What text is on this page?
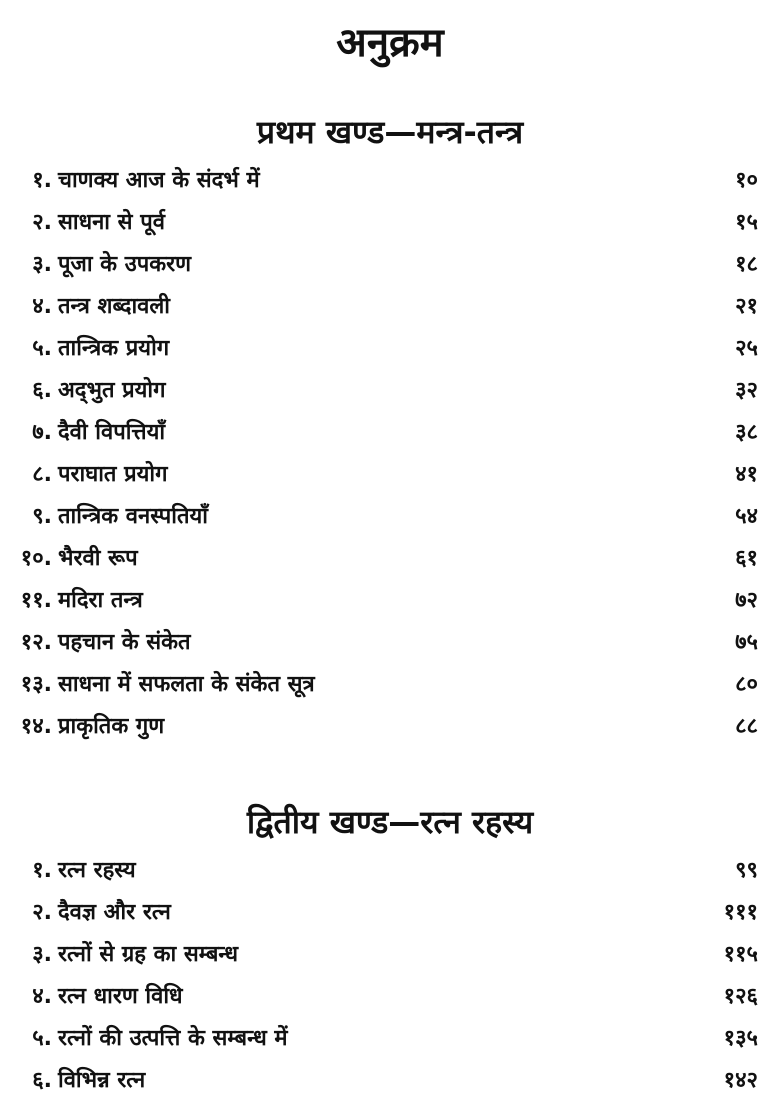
अनुक्रम
प्रथम खण्ड—मन्त्र-तन्त्र
१. चाणक्य आज के संदर्भ में	१०
२. साधना से पूर्व	१५
३. पूजा के उपकरण	१८
४. तन्त्र शब्दावली	२१
५. तान्त्रिक प्रयोग	२५
६. अद्‌भुत प्रयोग	३२
७. दैवी विपत्तियाँ	३८
८. पराघात प्रयोग	४१
९. तान्त्रिक वनस्पतियाँ	५४
१०. भैरवी रूप	६१
११. मदिरा तन्त्र	७२
१२. पहचान के संकेत	७५
१३. साधना में सफलता के संकेत सूत्र	८०
१४. प्राकृतिक गुण	८८
द्वितीय खण्ड—रत्न रहस्य
१. रत्न रहस्य	९९
२. दैवज्ञ और रत्न	१११
३. रत्नों से ग्रह का सम्बन्ध	११५
४. रत्न धारण विधि	१२६
५. रत्नों की उत्पत्ति के सम्बन्ध में	१३५
६. विभिन्न रत्न	१४२
